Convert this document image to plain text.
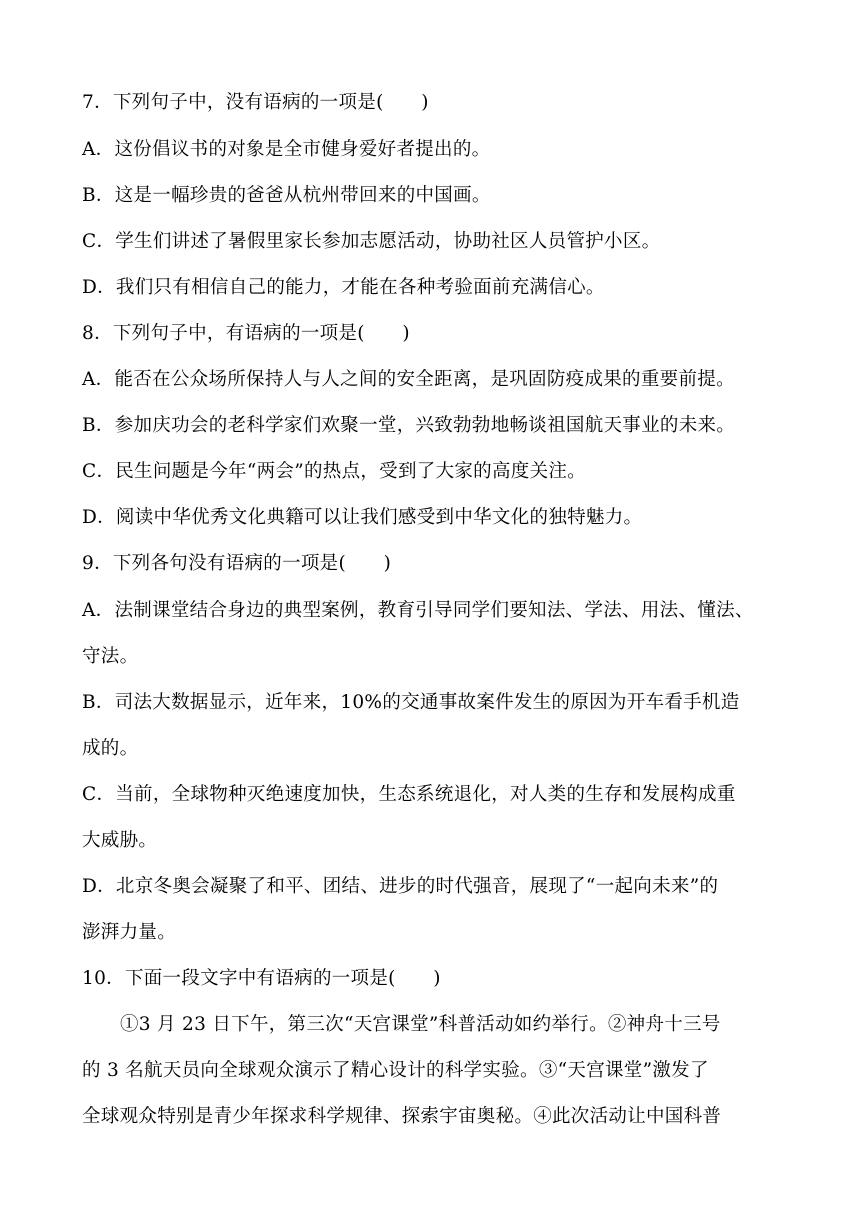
7．下列句子中，没有语病的一项是(　　)
A．这份倡议书的对象是全市健身爱好者提出的。
B．这是一幅珍贵的爸爸从杭州带回来的中国画。
C．学生们讲述了暑假里家长参加志愿活动，协助社区人员管护小区。
D．我们只有相信自己的能力，才能在各种考验面前充满信心。
8．下列句子中，有语病的一项是(　　)
A．能否在公众场所保持人与人之间的安全距离，是巩固防疫成果的重要前提。
B．参加庆功会的老科学家们欢聚一堂，兴致勃勃地畅谈祖国航天事业的未来。
C．民生问题是今年“两会”的热点，受到了大家的高度关注。
D．阅读中华优秀文化典籍可以让我们感受到中华文化的独特魅力。
9．下列各句没有语病的一项是(　　)
A．法制课堂结合身边的典型案例，教育引导同学们要知法、学法、用法、懂法、
守法。
B．司法大数据显示，近年来，10%的交通事故案件发生的原因为开车看手机造
成的。
C．当前，全球物种灭绝速度加快，生态系统退化，对人类的生存和发展构成重
大威胁。
D．北京冬奥会凝聚了和平、团结、进步的时代强音，展现了“一起向未来”的
澎湃力量。
10．下面一段文字中有语病的一项是(　　)
①3 月 23 日下午，第三次“天宫课堂”科普活动如约举行。②神舟十三号
的 3 名航天员向全球观众演示了精心设计的科学实验。③“天宫课堂”激发了
全球观众特别是青少年探求科学规律、探索宇宙奥秘。④此次活动让中国科普
